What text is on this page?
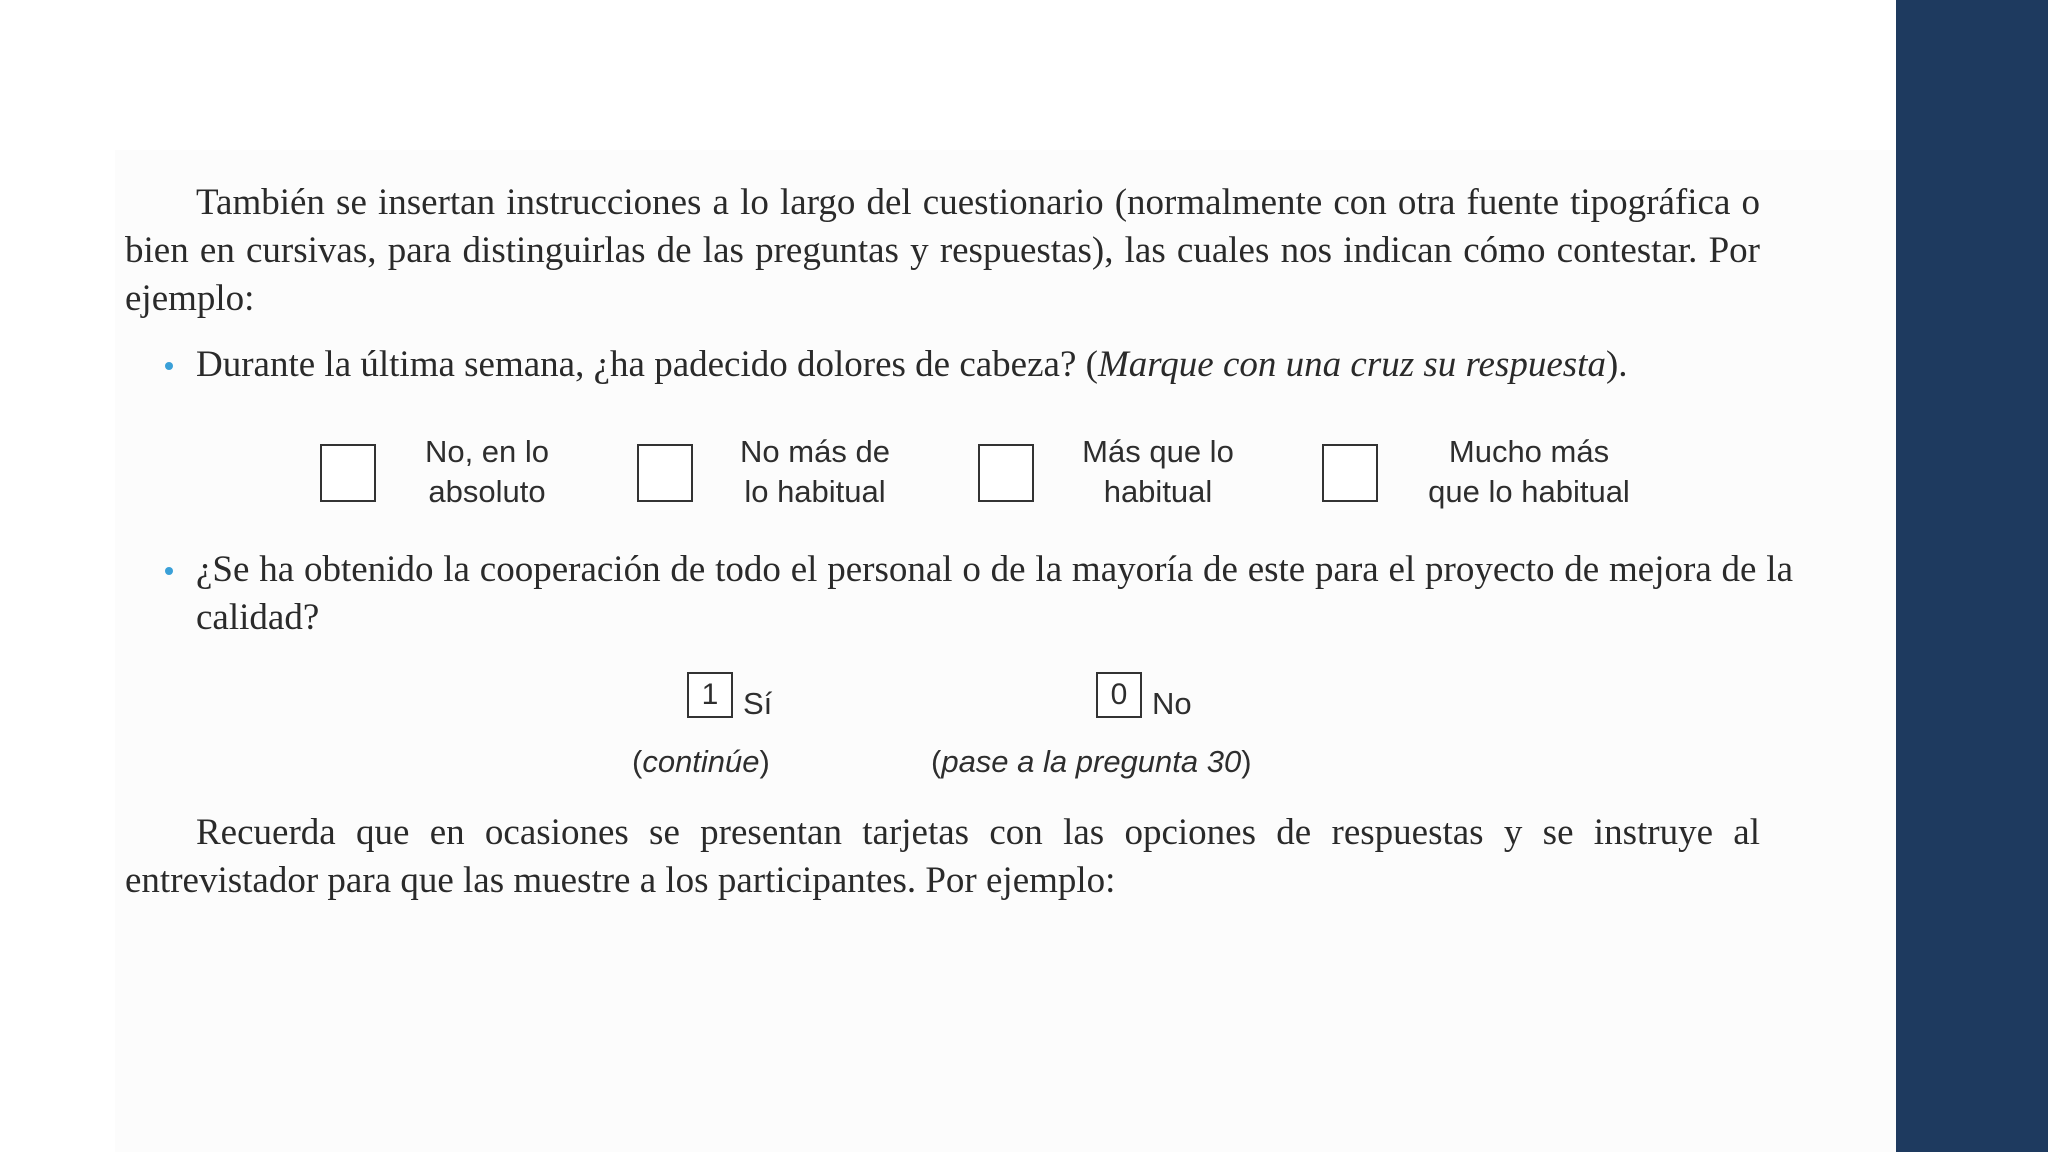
También se insertan instrucciones a lo largo del cuestionario (normalmente con otra fuente tipográfica o bien en cursivas, para distinguirlas de las preguntas y respuestas), las cuales nos indican cómo contestar. Por ejemplo:

Durante la última semana, ¿ha padecido dolores de cabeza? (Marque con una cruz su respuesta).
No, en lo
absoluto
No más de
lo habitual
Más que lo
habitual
Mucho más
que lo habitual
¿Se ha obtenido la cooperación de todo el personal o de la mayoría de este para el proyecto de mejora de la calidad?
1 Sí
(continúe)
0 No
(pase a la pregunta 30)

Recuerda que en ocasiones se presentan tarjetas con las opciones de respuestas y se instruye al entrevistador para que las muestre a los participantes. Por ejemplo:
